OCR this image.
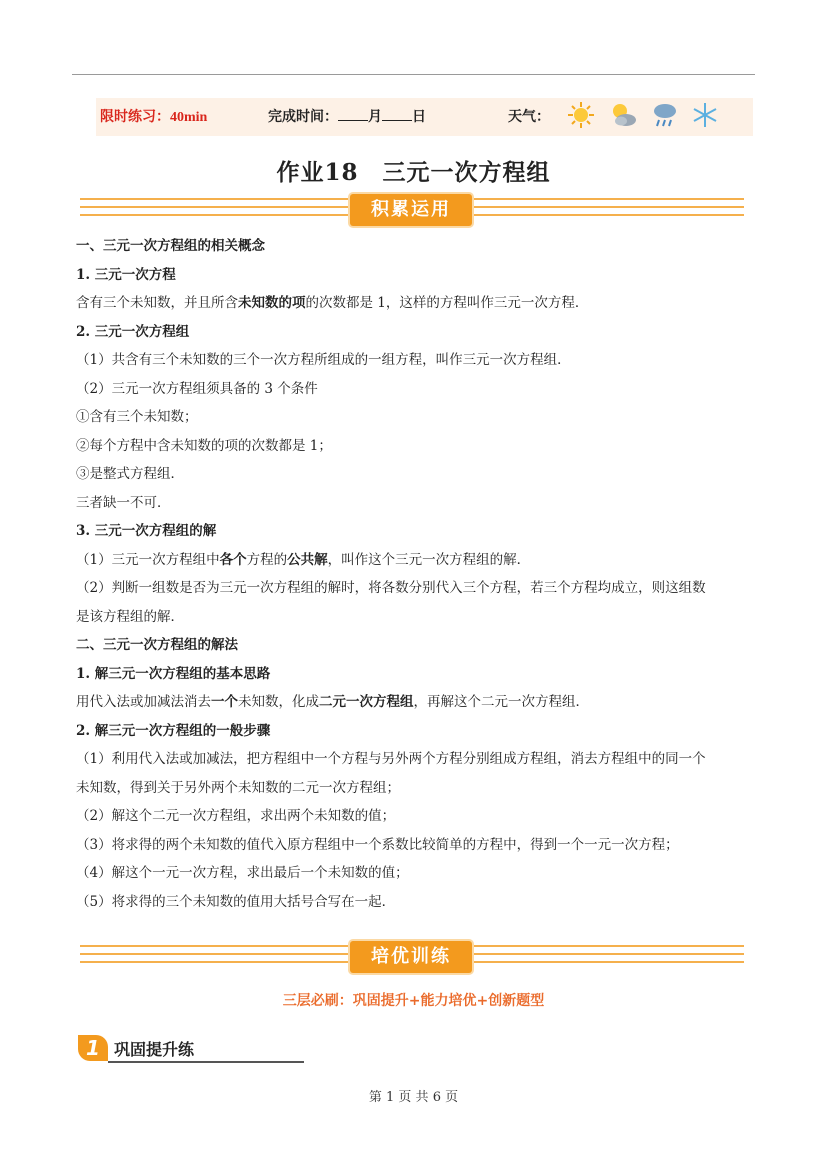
限时练习：40min	完成时间： 月 日	天气：
作业18　三元一次方程组
积累运用

一、三元一次方程组的相关概念

1. 三元一次方程

含有三个未知数，并且所含未知数的项的次数都是 1，这样的方程叫作三元一次方程．

2. 三元一次方程组

（1）共含有三个未知数的三个一次方程所组成的一组方程，叫作三元一次方程组．

（2）三元一次方程组须具备的 3 个条件

①含有三个未知数；

②每个方程中含未知数的项的次数都是 1；

③是整式方程组．

三者缺一不可．

3. 三元一次方程组的解

（1）三元一次方程组中各个方程的公共解，叫作这个三元一次方程组的解．

（2）判断一组数是否为三元一次方程组的解时，将各数分别代入三个方程，若三个方程均成立，则这组数

是该方程组的解．

二、三元一次方程组的解法

1. 解三元一次方程组的基本思路

用代入法或加减法消去一个未知数，化成二元一次方程组，再解这个二元一次方程组．

2. 解三元一次方程组的一般步骤

（1）利用代入法或加减法，把方程组中一个方程与另外两个方程分别组成方程组，消去方程组中的同一个

未知数，得到关于另外两个未知数的二元一次方程组；

（2）解这个二元一次方程组，求出两个未知数的值；

（3）将求得的两个未知数的值代入原方程组中一个系数比较简单的方程中，得到一个一元一次方程；

（4）解这个一元一次方程，求出最后一个未知数的值；

（5）将求得的三个未知数的值用大括号合写在一起．

培优训练
三层必刷：巩固提升+能力培优+创新题型
1 巩固提升练
第 1 页 共 6 页
